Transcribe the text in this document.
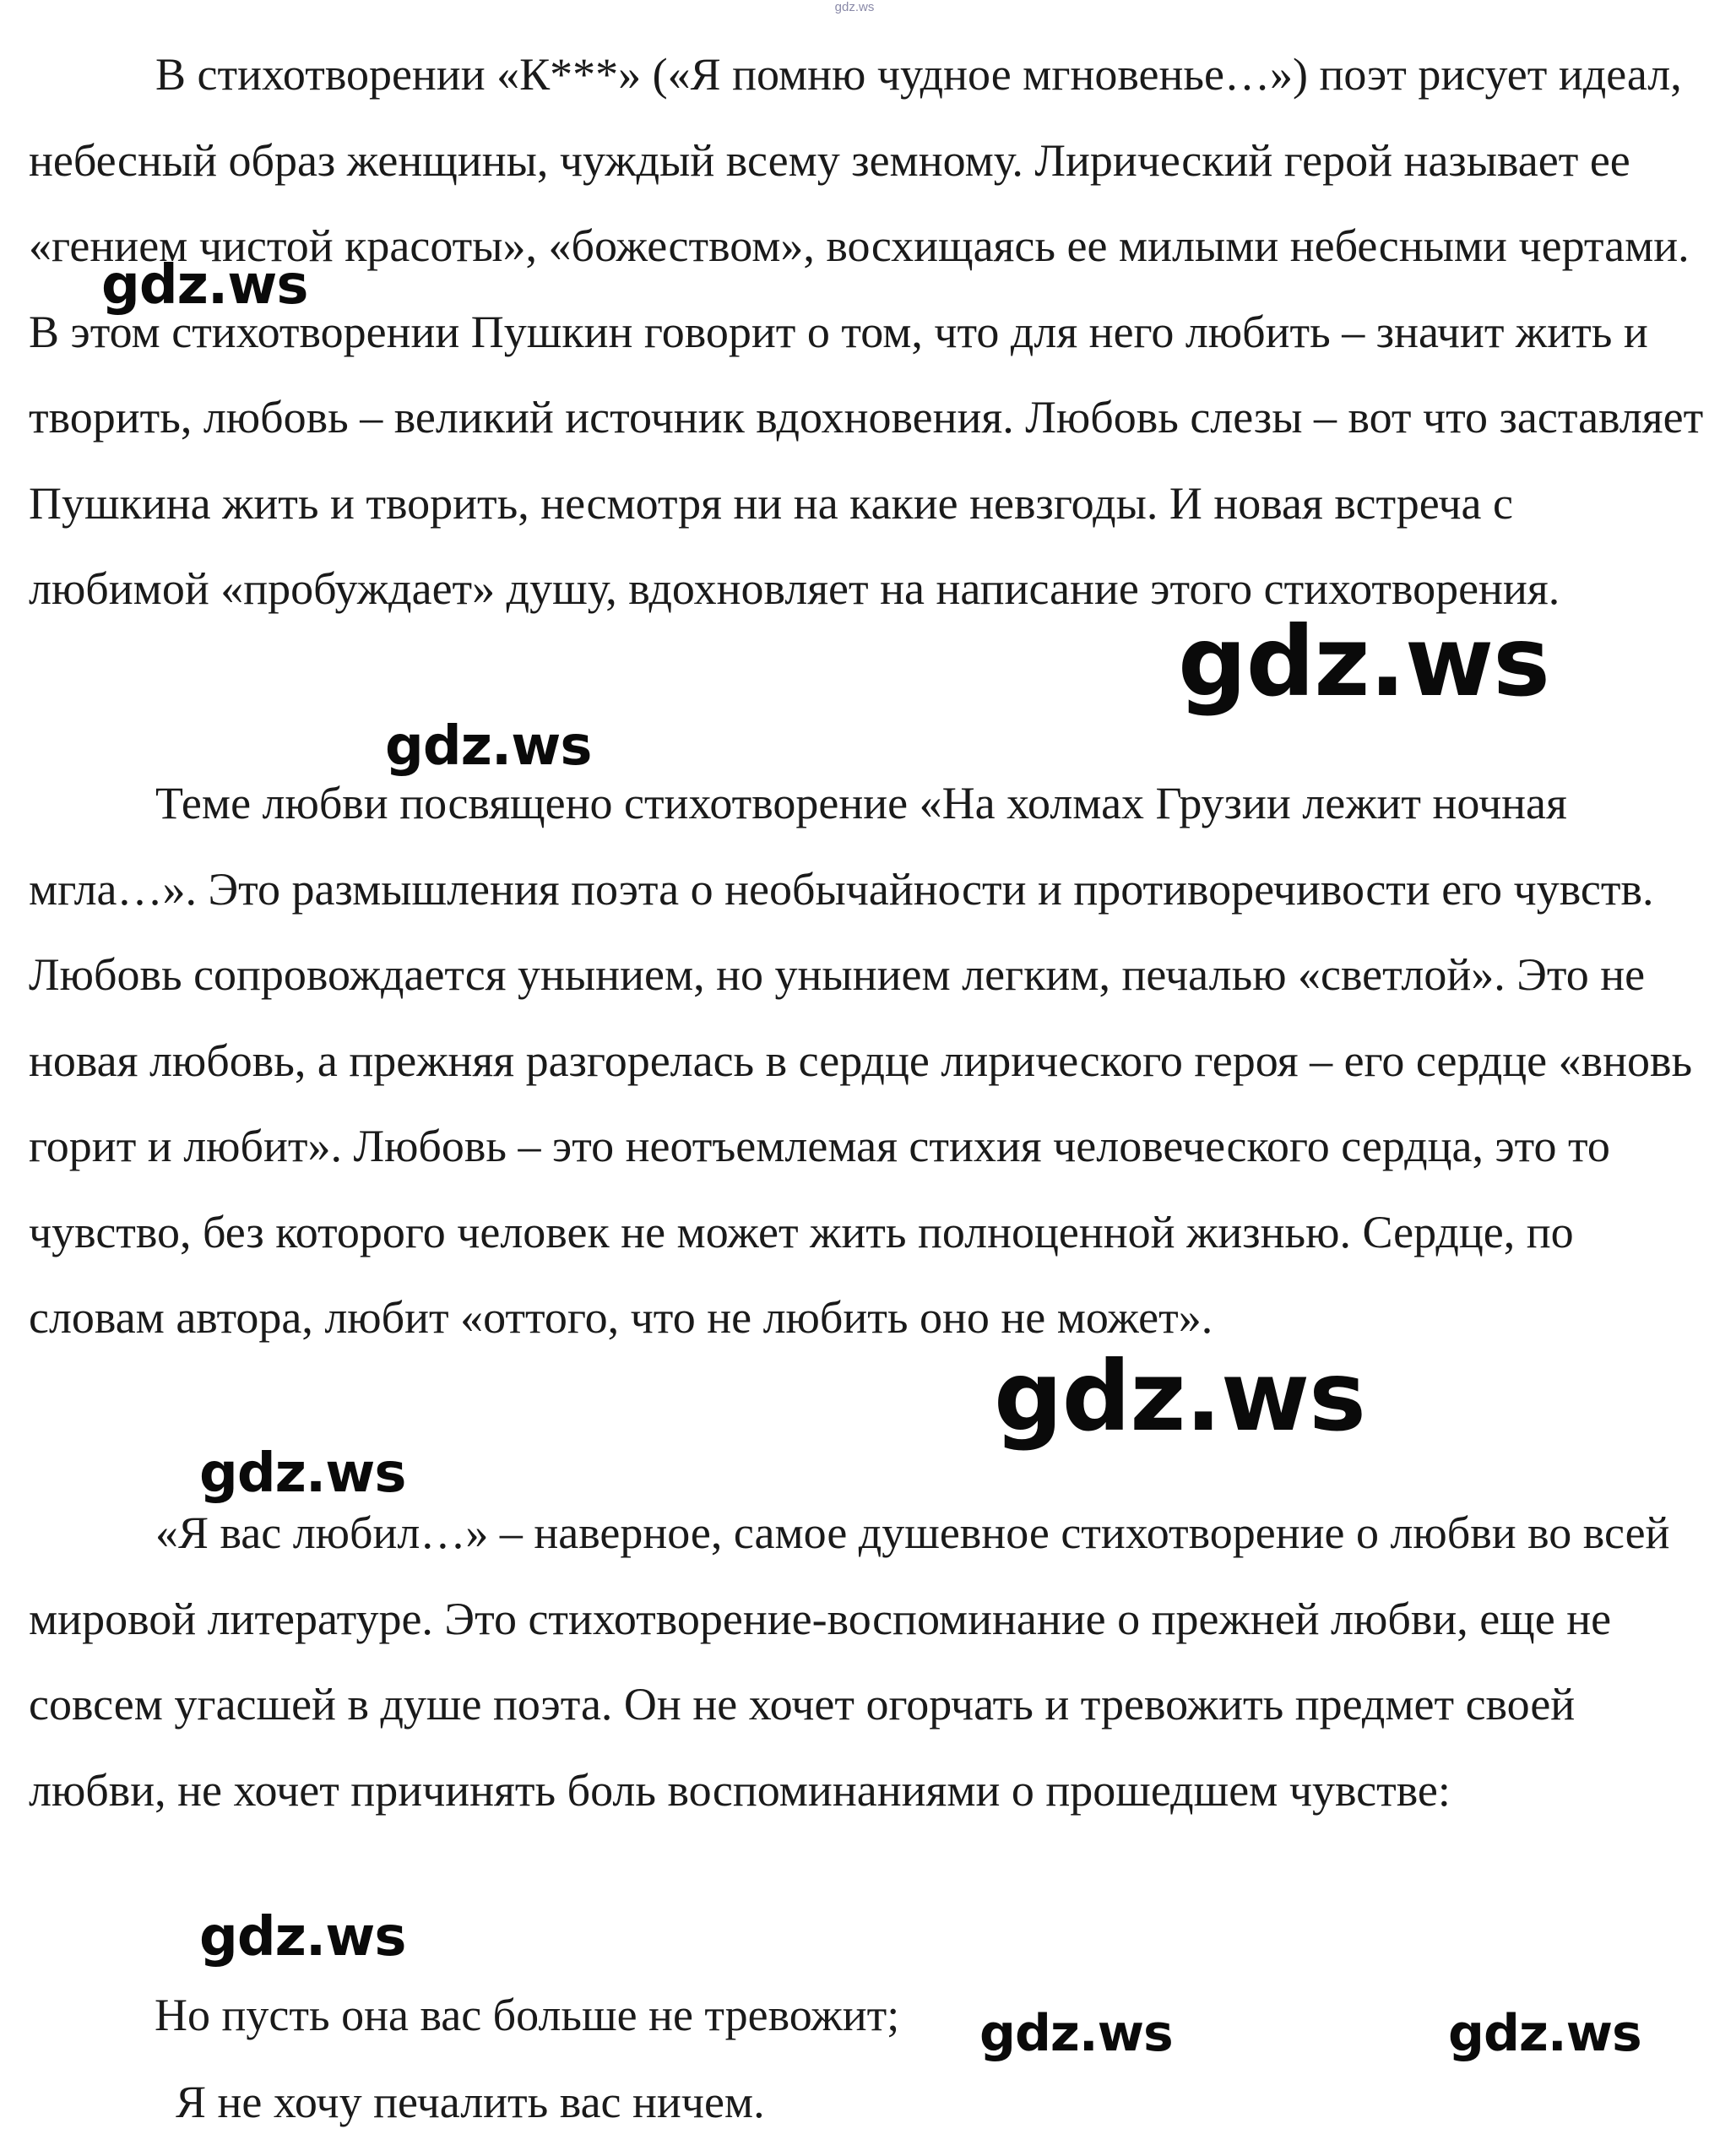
gdz.ws

В стихотворении «К***» («Я помню чудное мгновенье…») поэт рисует идеал, небесный образ женщины, чуждый всему земному. Лирический герой называет ее «гением чистой красоты», «божеством», восхищаясь ее милыми небесными чертами. В этом стихотворении Пушкин говорит о том, что для него любить – значит жить и творить, любовь – великий источник вдохновения. Любовь слезы – вот что заставляет Пушкина жить и творить, несмотря ни на какие невзгоды. И новая встреча с любимой «пробуждает» душу, вдохновляет на написание этого стихотворения.

Теме любви посвящено стихотворение «На холмах Грузии лежит ночная мгла…». Это размышления поэта о необычайности и противоречивости его чувств. Любовь сопровождается унынием, но унынием легким, печалью «светлой». Это не новая любовь, а прежняя разгорелась в сердце лирического героя – его сердце «вновь горит и любит». Любовь – это неотъемлемая стихия человеческого сердца, это то чувство, без которого человек не может жить полноценной жизнью. Сердце, по словам автора, любит «оттого, что не любить оно не может».

«Я вас любил…» – наверное, самое душевное стихотворение о любви во всей мировой литературе. Это стихотворение-воспоминание о прежней любви, еще не совсем угасшей в душе поэта. Он не хочет огорчать и тревожить предмет своей любви, не хочет причинять боль воспоминаниями о прошедшем чувстве:

Но пусть она вас больше не тревожит;
Я не хочу печалить вас ничем.
gdz.ws
gdz.ws
gdz.ws
gdz.ws
gdz.ws
gdz.ws
gdz.ws	gdz.ws
